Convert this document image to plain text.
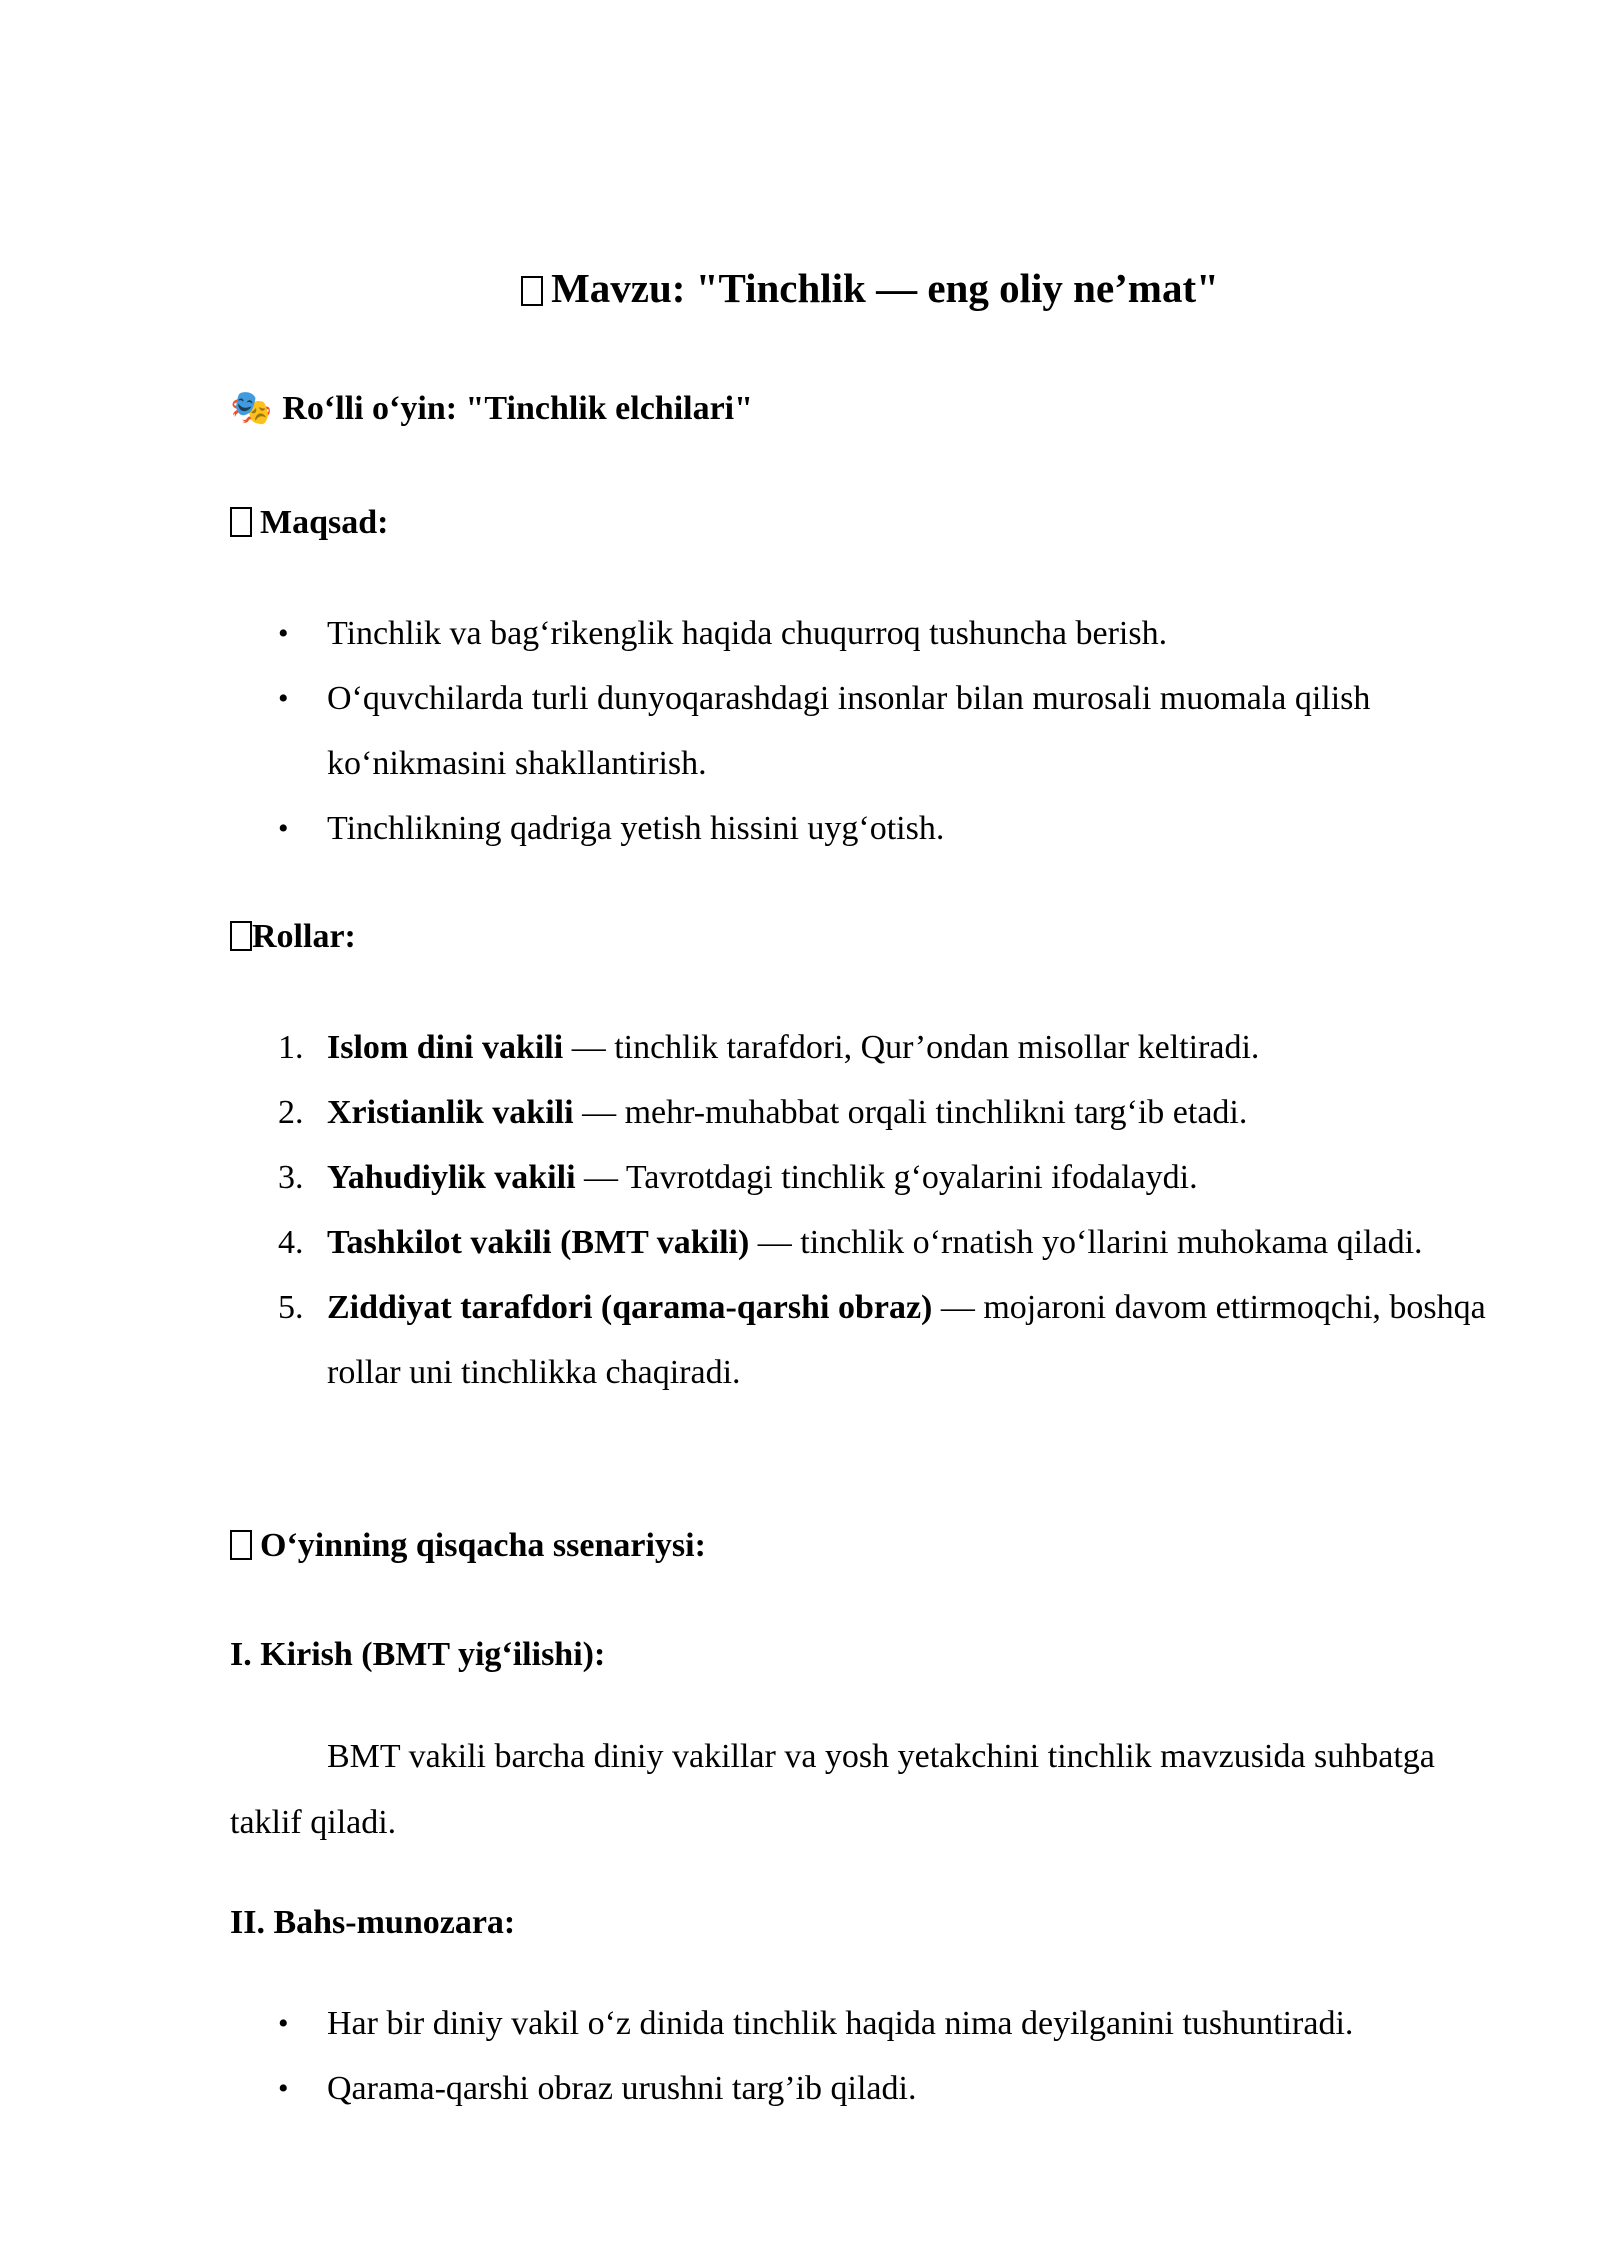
Mavzu: "Tinchlik — eng oliy ne’mat"
🎭 Ro‘lli o‘yin: "Tinchlik elchilari"
Maqsad:
• Tinchlik va bag‘rikenglik haqida chuqurroq tushuncha berish.
• O‘quvchilarda turli dunyoqarashdagi insonlar bilan murosali muomala qilish ko‘nikmasini shakllantirish.
• Tinchlikning qadriga yetish hissini uyg‘otish.
Rollar:
1. Islom dini vakili — tinchlik tarafdori, Qur’ondan misollar keltiradi.
2. Xristianlik vakili — mehr-muhabbat orqali tinchlikni targ‘ib etadi.
3. Yahudiylik vakili — Tavrotdagi tinchlik g‘oyalarini ifodalaydi.
4. Tashkilot vakili (BMT vakili) — tinchlik o‘rnatish yo‘llarini muhokama qiladi.
5. Ziddiyat tarafdori (qarama-qarshi obraz) — mojaroni davom ettirmoqchi, boshqa rollar uni tinchlikka chaqiradi.
O‘yinning qisqacha ssenariysi:
I. Kirish (BMT yig‘ilishi):
BMT vakili barcha diniy vakillar va yosh yetakchini tinchlik mavzusida suhbatga taklif qiladi.
II. Bahs-munozara:
• Har bir diniy vakil o‘z dinida tinchlik haqida nima deyilganini tushuntiradi.
• Qarama-qarshi obraz urushni targ’ib qiladi.
